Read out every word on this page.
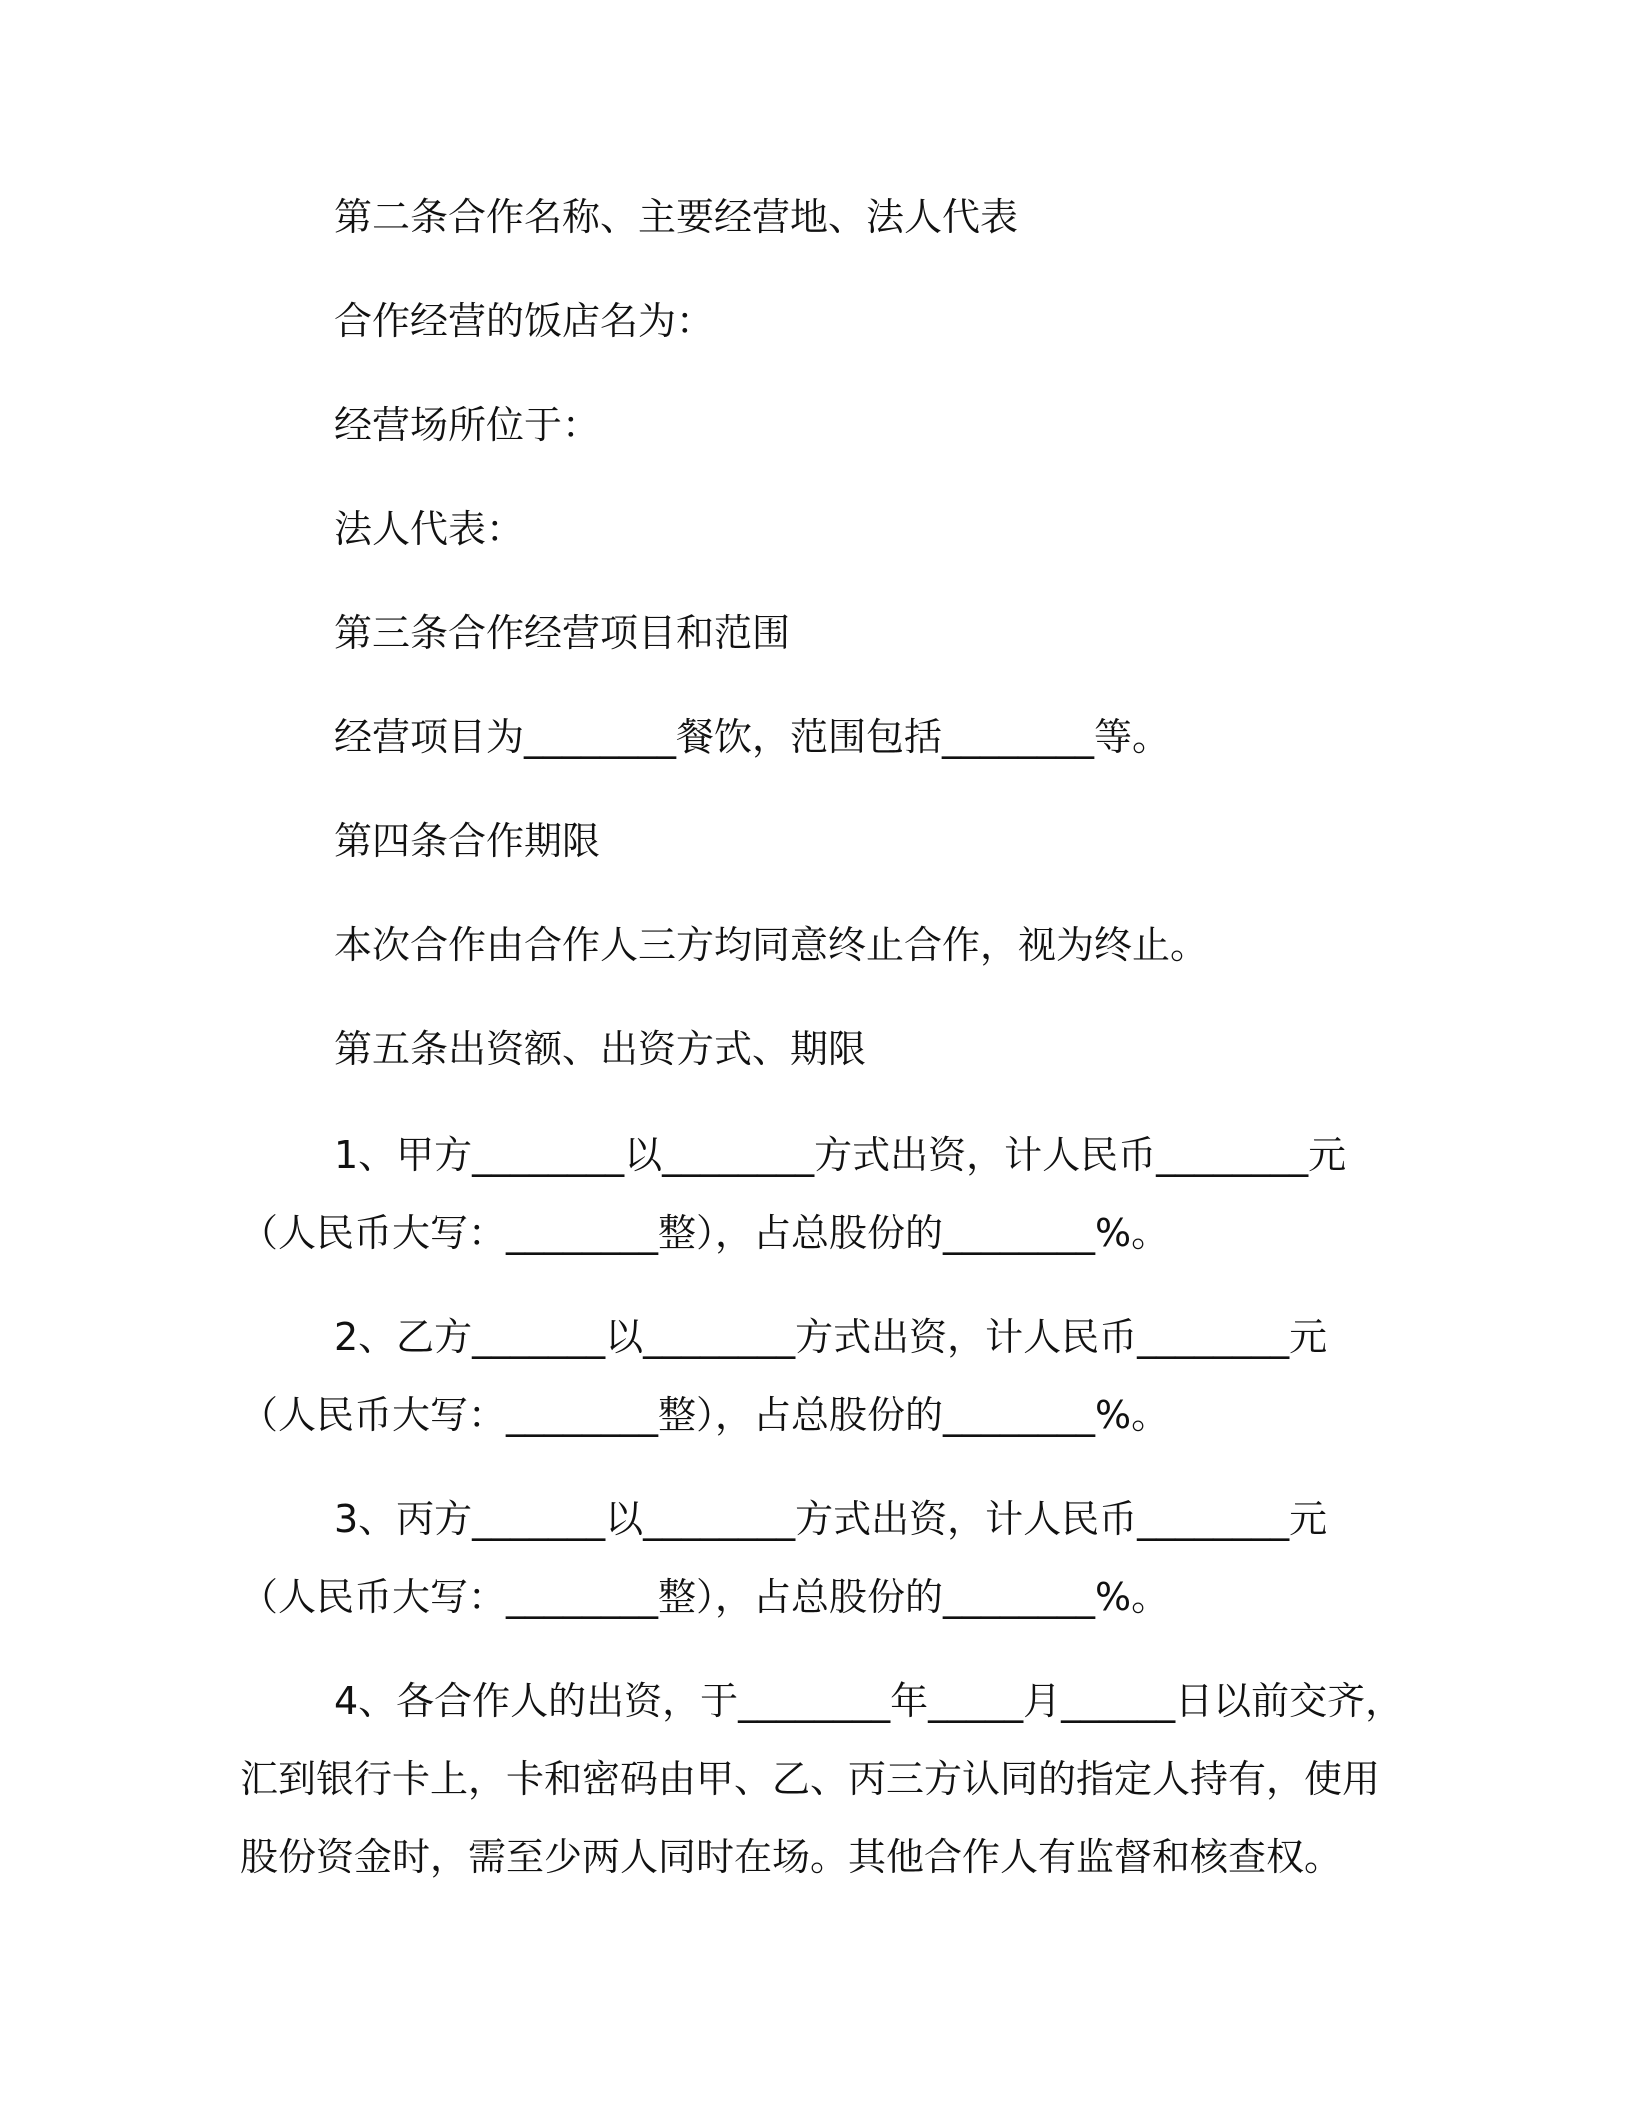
第二条合作名称、主要经营地、法人代表

合作经营的饭店名为：

经营场所位于：

法人代表：

第三条合作经营项目和范围

经营项目为________餐饮，范围包括________等。

第四条合作期限

本次合作由合作人三方均同意终止合作，视为终止。

第五条出资额、出资方式、期限

1、甲方________以________方式出资，计人民币________元

（人民币大写：________整），占总股份的________%。

2、乙方_______以________方式出资，计人民币________元

（人民币大写：________整），占总股份的________%。

3、丙方_______以________方式出资，计人民币________元

（人民币大写：________整），占总股份的________%。

4、各合作人的出资，于________年_____月______日以前交齐，

汇到银行卡上，卡和密码由甲、乙、丙三方认同的指定人持有，使用

股份资金时，需至少两人同时在场。其他合作人有监督和核查权。
